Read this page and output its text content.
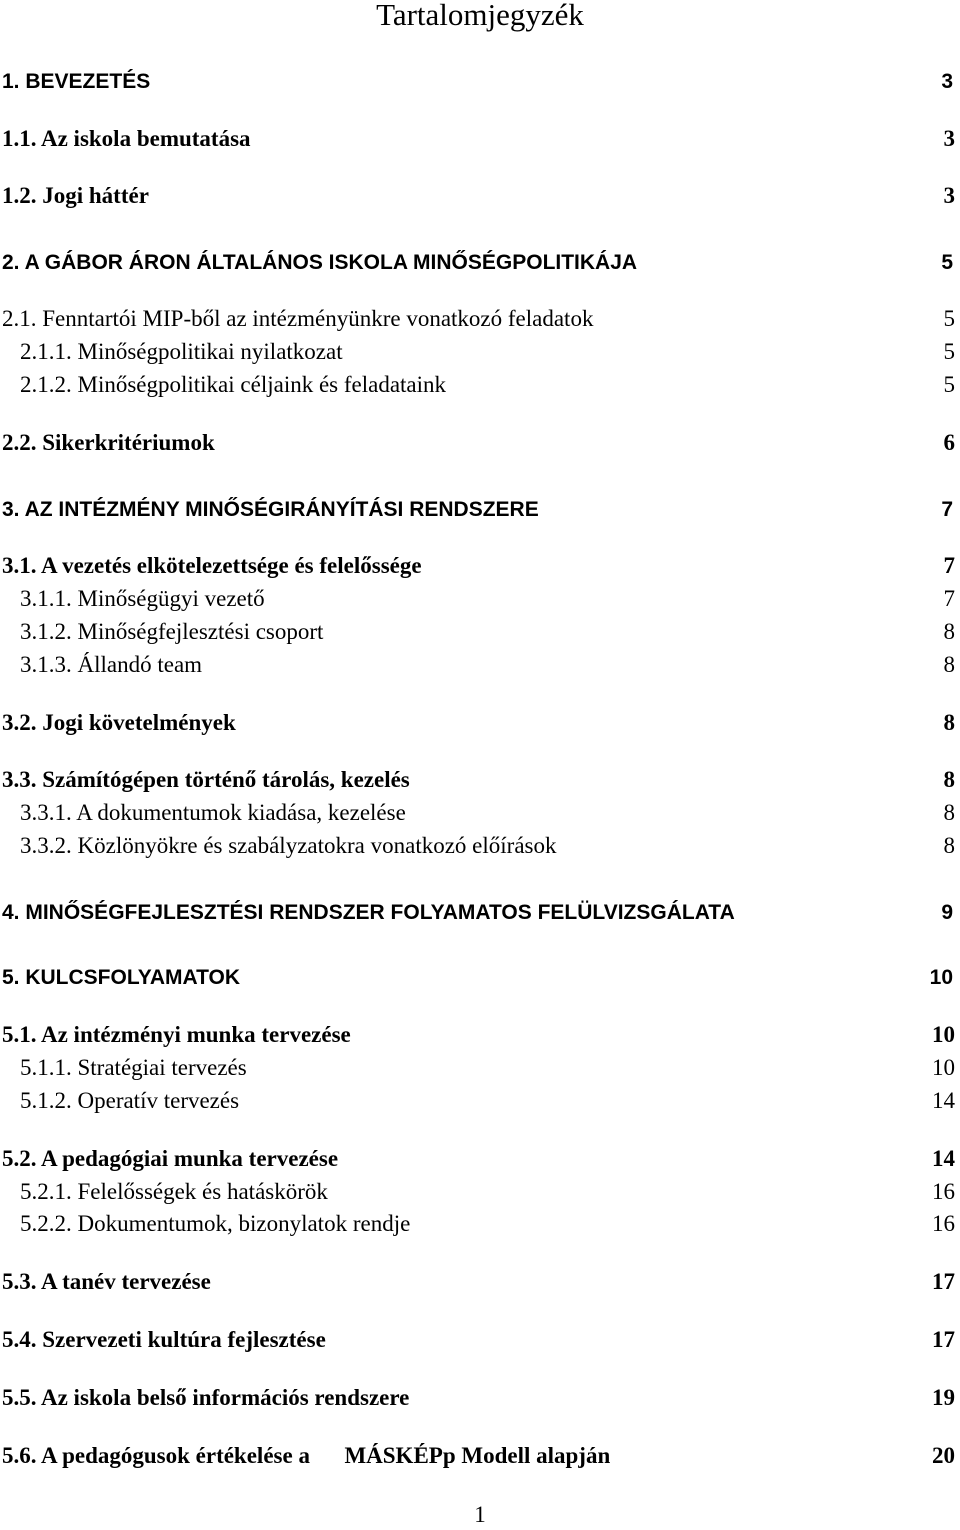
Tartalomjegyzék
1. BEVEZETÉS	3
1.1. Az iskola bemutatása	3
1.2. Jogi háttér	3
2. A GÁBOR ÁRON ÁLTALÁNOS ISKOLA MINŐSÉGPOLITIKÁJA	5
2.1. Fenntartói MIP-ből az intézményünkre vonatkozó feladatok	5
2.1.1. Minőségpolitikai nyilatkozat	5
2.1.2. Minőségpolitikai céljaink és feladataink	5
2.2. Sikerkritériumok	6
3. AZ INTÉZMÉNY MINŐSÉGIRÁNYÍTÁSI RENDSZERE	7
3.1. A vezetés elkötelezettsége és felelőssége	7
3.1.1. Minőségügyi vezető	7
3.1.2. Minőségfejlesztési csoport	8
3.1.3. Állandó team	8
3.2. Jogi követelmények	8
3.3. Számítógépen történő tárolás, kezelés	8
3.3.1. A dokumentumok kiadása, kezelése	8
3.3.2. Közlönyökre és szabályzatokra vonatkozó előírások	8
4. MINŐSÉGFEJLESZTÉSI RENDSZER FOLYAMATOS FELÜLVIZSGÁLATA	9
5. KULCSFOLYAMATOK	10
5.1. Az intézményi munka tervezése	10
5.1.1. Stratégiai tervezés	10
5.1.2. Operatív tervezés	14
5.2. A pedagógiai munka tervezése	14
5.2.1. Felelősségek és hatáskörök	16
5.2.2. Dokumentumok, bizonylatok rendje	16
5.3. A tanév tervezése	17
5.4. Szervezeti kultúra fejlesztése	17
5.5. Az iskola belső információs rendszere	19
5.6. A pedagógusok értékelése a      MÁSKÉPp Modell alapján	20
1
